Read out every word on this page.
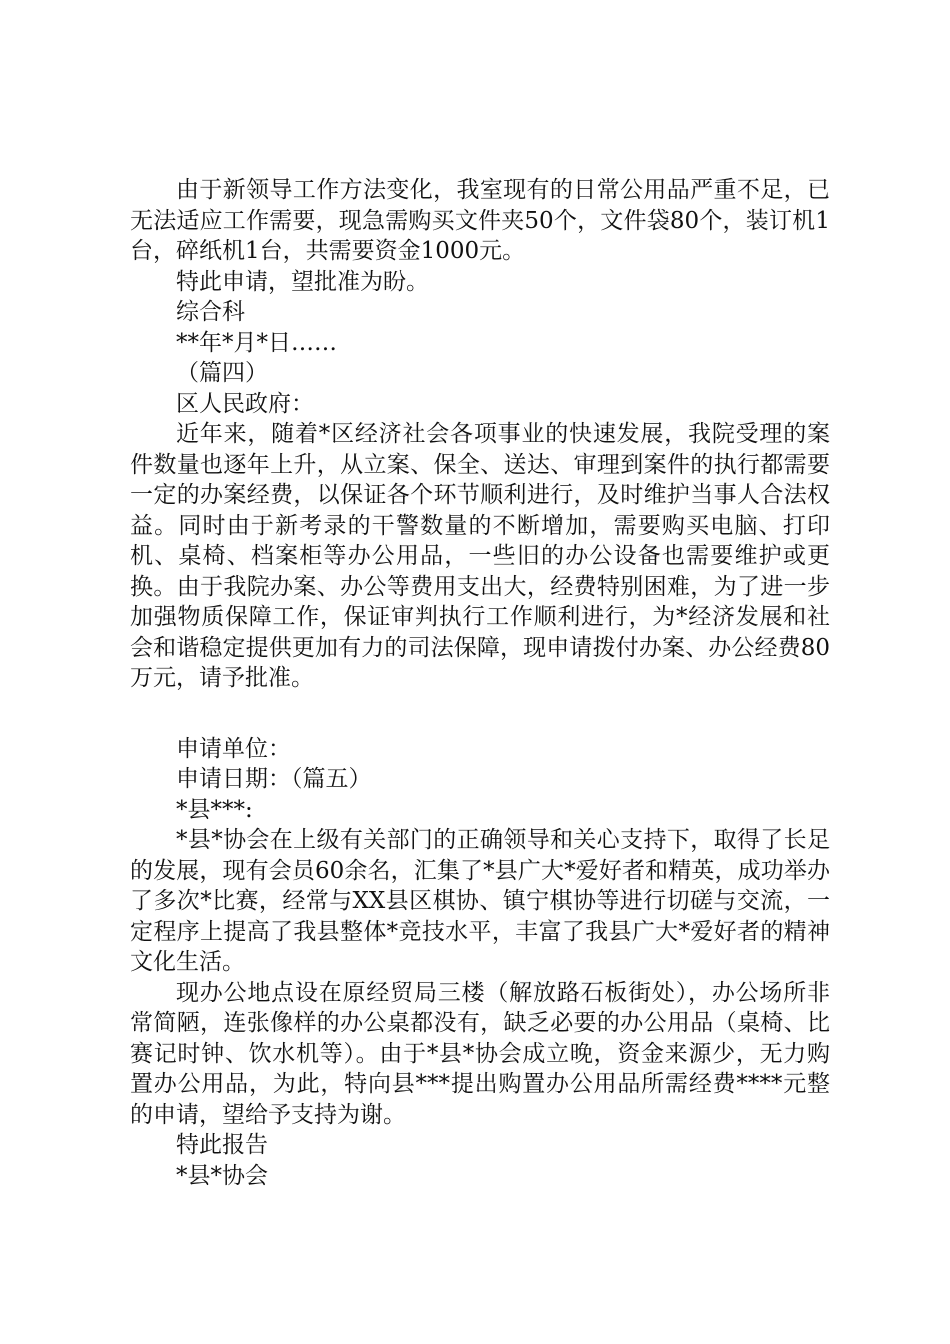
由于新领导工作方法变化，我室现有的日常公用品严重不足，已无法适应工作需要，现急需购买文件夹50个，文件袋80个，装订机1台，碎纸机1台，共需要资金1000元。

特此申请，望批准为盼。

综合科

**年*月*日……

（篇四）

区人民政府：

近年来，随着*区经济社会各项事业的快速发展，我院受理的案件数量也逐年上升，从立案、保全、送达、审理到案件的执行都需要一定的办案经费，以保证各个环节顺利进行，及时维护当事人合法权益。同时由于新考录的干警数量的不断增加，需要购买电脑、打印机、桌椅、档案柜等办公用品，一些旧的办公设备也需要维护或更换。由于我院办案、办公等费用支出大，经费特别困难，为了进一步加强物质保障工作，保证审判执行工作顺利进行，为*经济发展和社会和谐稳定提供更加有力的司法保障，现申请拨付办案、办公经费80万元，请予批准。

申请单位：

申请日期：（篇五）

*县***:

*县*协会在上级有关部门的正确领导和关心支持下，取得了长足的发展，现有会员60余名，汇集了*县广大*爱好者和精英，成功举办了多次*比赛，经常与XX县区棋协、镇宁棋协等进行切磋与交流，一定程序上提高了我县整体*竞技水平，丰富了我县广大*爱好者的精神文化生活。

现办公地点设在原经贸局三楼（解放路石板街处），办公场所非常简陋，连张像样的办公桌都没有，缺乏必要的办公用品（桌椅、比赛记时钟、饮水机等）。由于*县*协会成立晚，资金来源少，无力购置办公用品，为此，特向县***提出购置办公用品所需经费****元整的申请，望给予支持为谢。

特此报告

*县*协会
